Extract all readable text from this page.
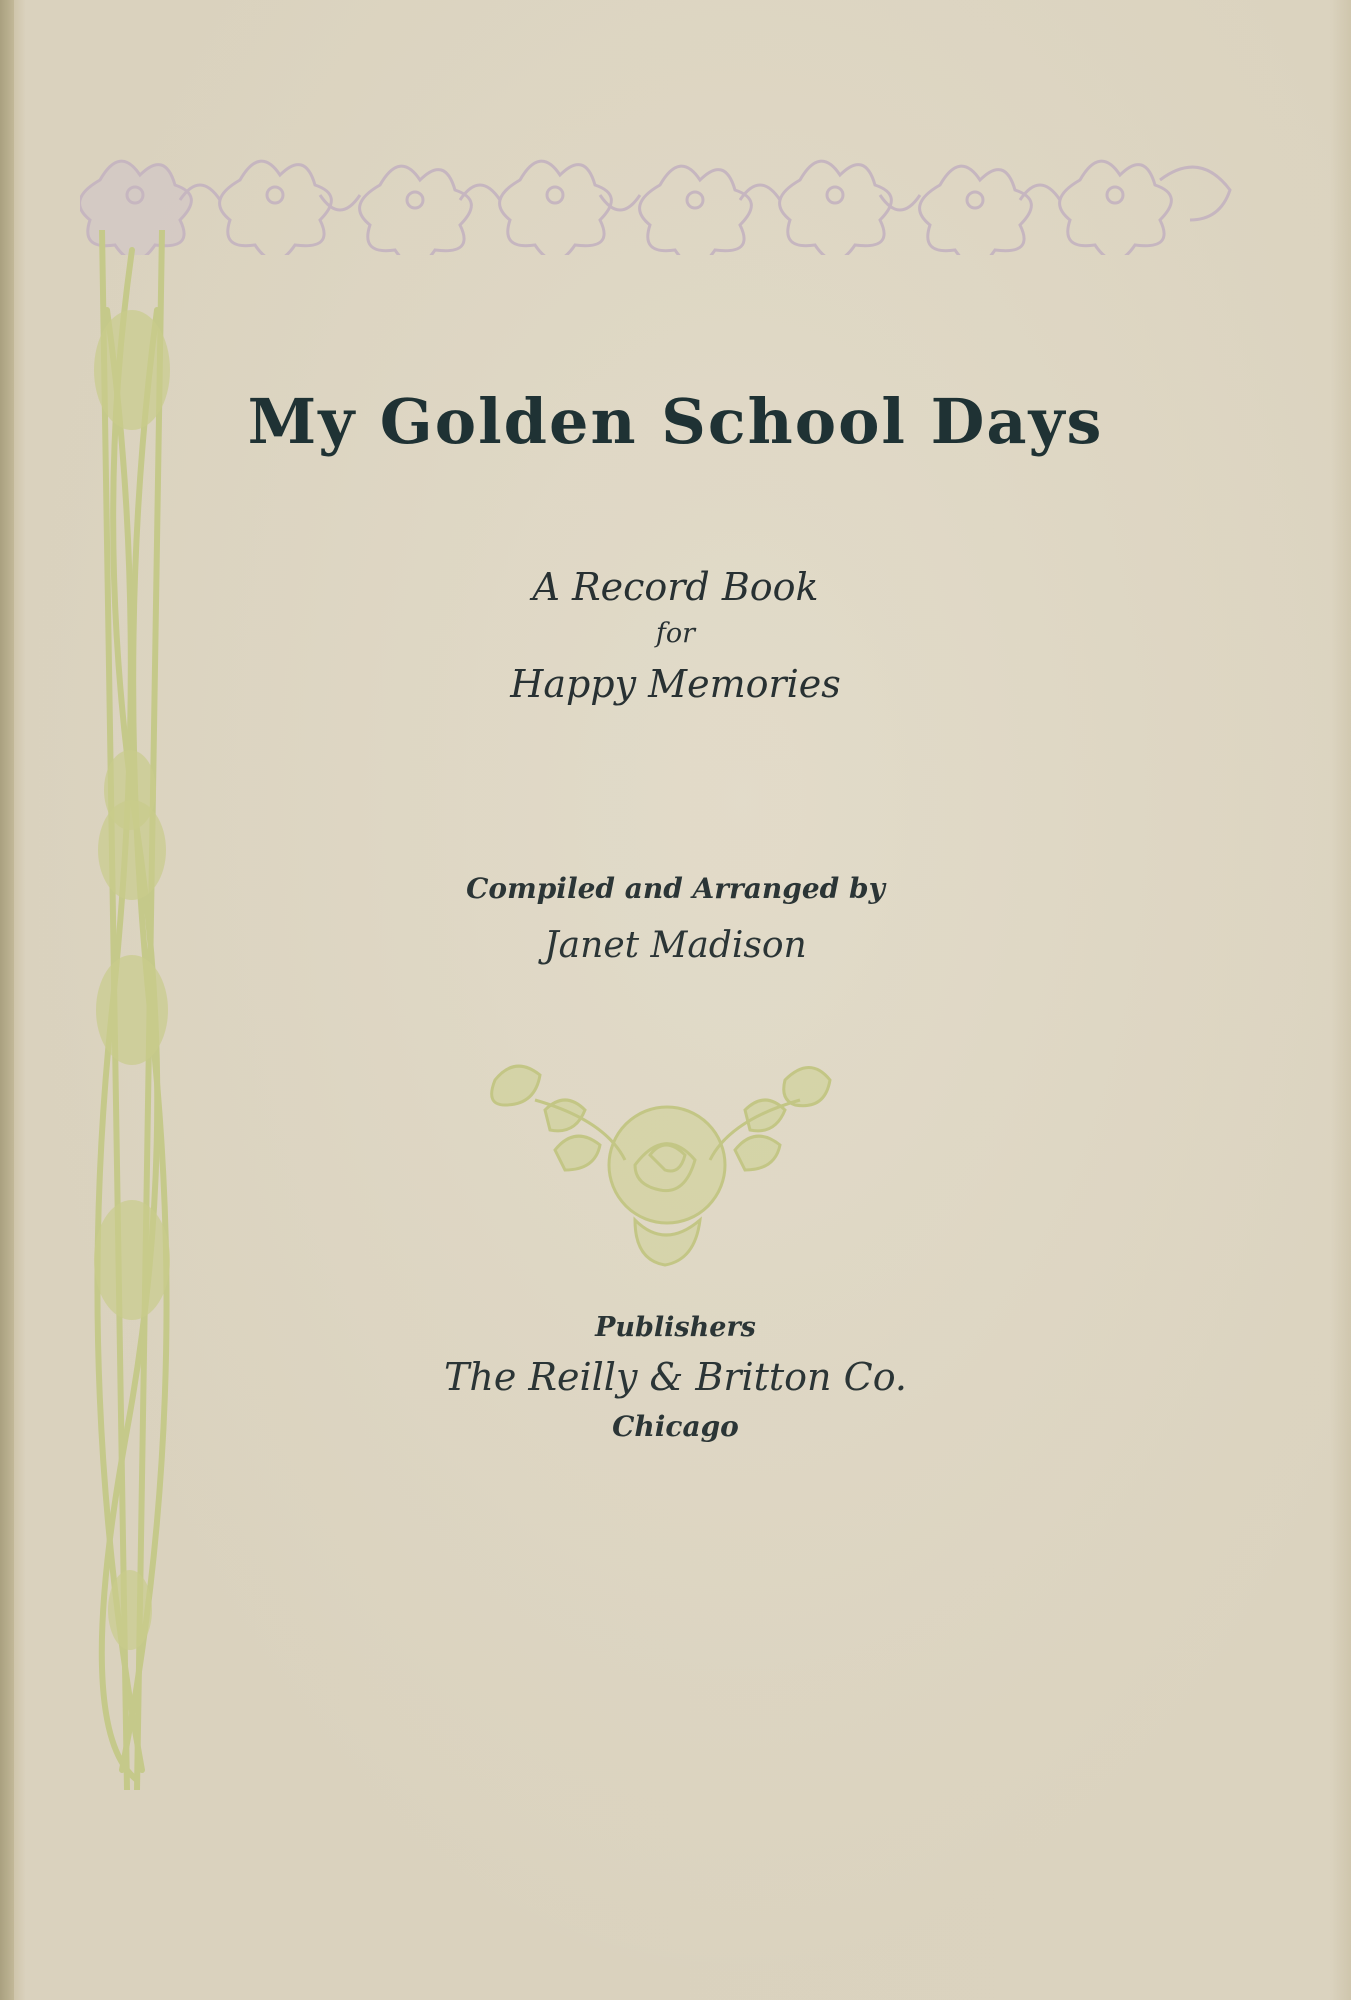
My Golden School Days
A Record Book
for
Happy Memories
Compiled and Arranged by
Janet Madison
Publishers
The Reilly & Britton Co.
Chicago
